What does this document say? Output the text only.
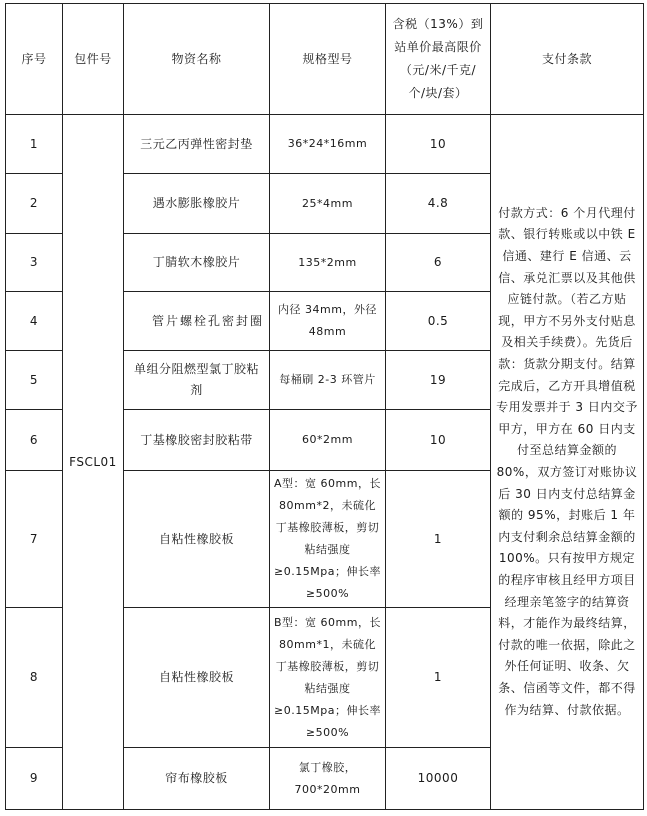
序号	包件号	物资名称	规格型号	含税（13%）到站单价最高限价（元/米/千克/个/块/套）	支付条款
1	FSCL01	三元乙丙弹性密封垫	36*24*16mm	10	付款方式：6 个月代理付款、银行转账或以中铁 E 信通、建行 E 信通、云信、承兑汇票以及其他供应链付款。（若乙方贴现，甲方不另外支付贴息及相关手续费）。先货后款：货款分期支付。结算完成后，乙方开具增值税专用发票并于 3 日内交予甲方，甲方在 60 日内支付至总结算金额的 80%，双方签订对账协议后 30 日内支付总结算金额的 95%，封账后 1 年内支付剩余总结算金额的 100%。只有按甲方规定的程序审核且经甲方项目经理亲笔签字的结算资料，才能作为最终结算，付款的唯一依据，除此之外任何证明、收条、欠条、信函等文件，都不得作为结算、付款依据。
2		遇水膨胀橡胶片	25*4mm	4.8	
3		丁腈软木橡胶片	135*2mm	6	
4		管片螺栓孔密封圈	内径 34mm，外径 48mm	0.5	
5		单组分阻燃型氯丁胶粘剂	每桶刷 2-3 环管片	19	
6		丁基橡胶密封胶粘带	60*2mm	10	
7		自粘性橡胶板	A型：宽 60mm，长 80mm*2，未硫化丁基橡胶薄板，剪切粘结强度≥0.15Mpa；伸长率≥500%	1	
8		自粘性橡胶板	B型：宽 60mm，长 80mm*1，未硫化丁基橡胶薄板，剪切粘结强度≥0.15Mpa；伸长率≥500%	1	
9		帘布橡胶板	氯丁橡胶，700*20mm	10000	
